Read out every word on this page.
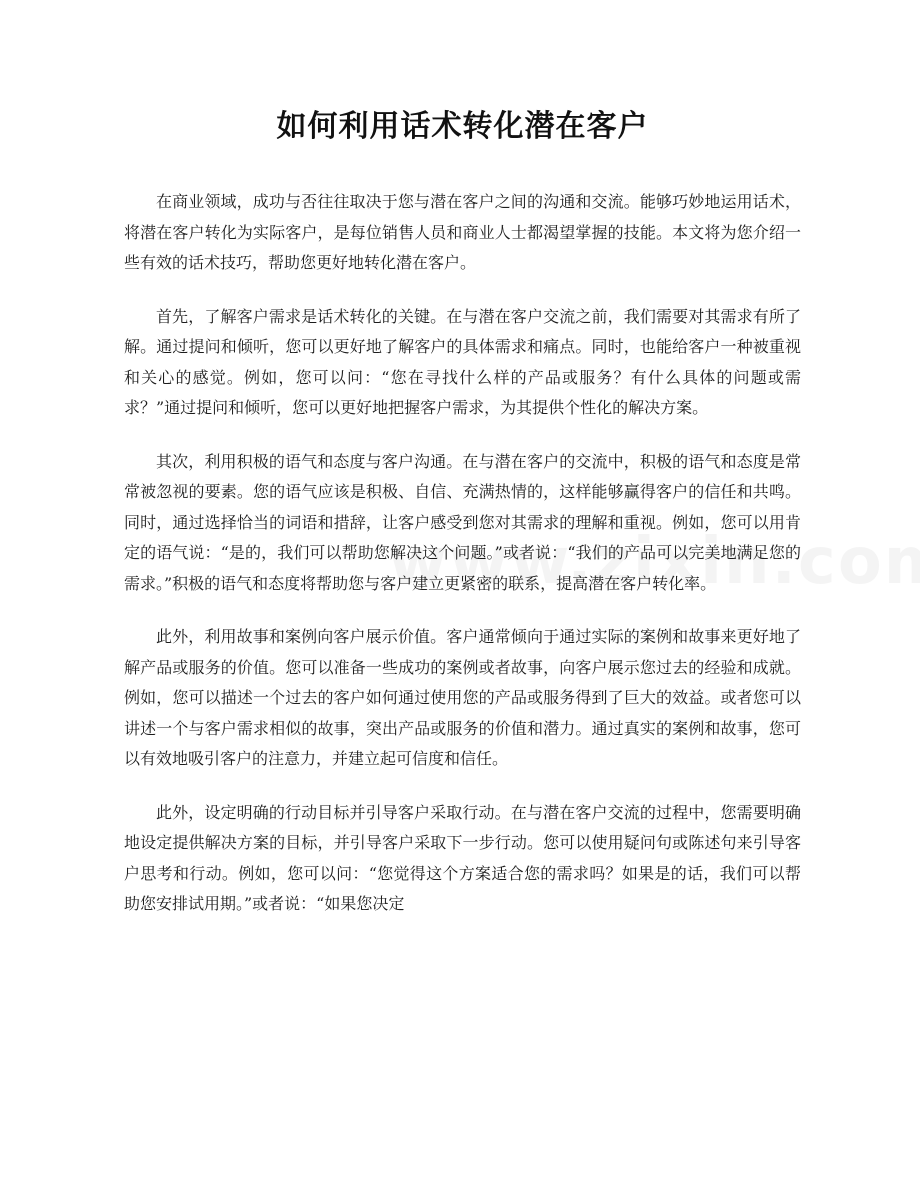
如何利用话术转化潜在客户

在商业领域，成功与否往往取决于您与潜在客户之间的沟通和交流。能够巧妙地运用话术，将潜在客户转化为实际客户，是每位销售人员和商业人士都渴望掌握的技能。本文将为您介绍一些有效的话术技巧，帮助您更好地转化潜在客户。

首先，了解客户需求是话术转化的关键。在与潜在客户交流之前，我们需要对其需求有所了解。通过提问和倾听，您可以更好地了解客户的具体需求和痛点。同时，也能给客户一种被重视和关心的感觉。例如，您可以问：“您在寻找什么样的产品或服务？有什么具体的问题或需求？”通过提问和倾听，您可以更好地把握客户需求，为其提供个性化的解决方案。

其次，利用积极的语气和态度与客户沟通。在与潜在客户的交流中，积极的语气和态度是常常被忽视的要素。您的语气应该是积极、自信、充满热情的，这样能够赢得客户的信任和共鸣。同时，通过选择恰当的词语和措辞，让客户感受到您对其需求的理解和重视。例如，您可以用肯定的语气说：“是的，我们可以帮助您解决这个问题。”或者说：“我们的产品可以完美地满足您的需求。”积极的语气和态度将帮助您与客户建立更紧密的联系，提高潜在客户转化率。

此外，利用故事和案例向客户展示价值。客户通常倾向于通过实际的案例和故事来更好地了解产品或服务的价值。您可以准备一些成功的案例或者故事，向客户展示您过去的经验和成就。例如，您可以描述一个过去的客户如何通过使用您的产品或服务得到了巨大的效益。或者您可以讲述一个与客户需求相似的故事，突出产品或服务的价值和潜力。通过真实的案例和故事，您可以有效地吸引客户的注意力，并建立起可信度和信任。

此外，设定明确的行动目标并引导客户采取行动。在与潜在客户交流的过程中，您需要明确地设定提供解决方案的目标，并引导客户采取下一步行动。您可以使用疑问句或陈述句来引导客户思考和行动。例如，您可以问：“您觉得这个方案适合您的需求吗？如果是的话，我们可以帮助您安排试用期。”或者说：“如果您决定
